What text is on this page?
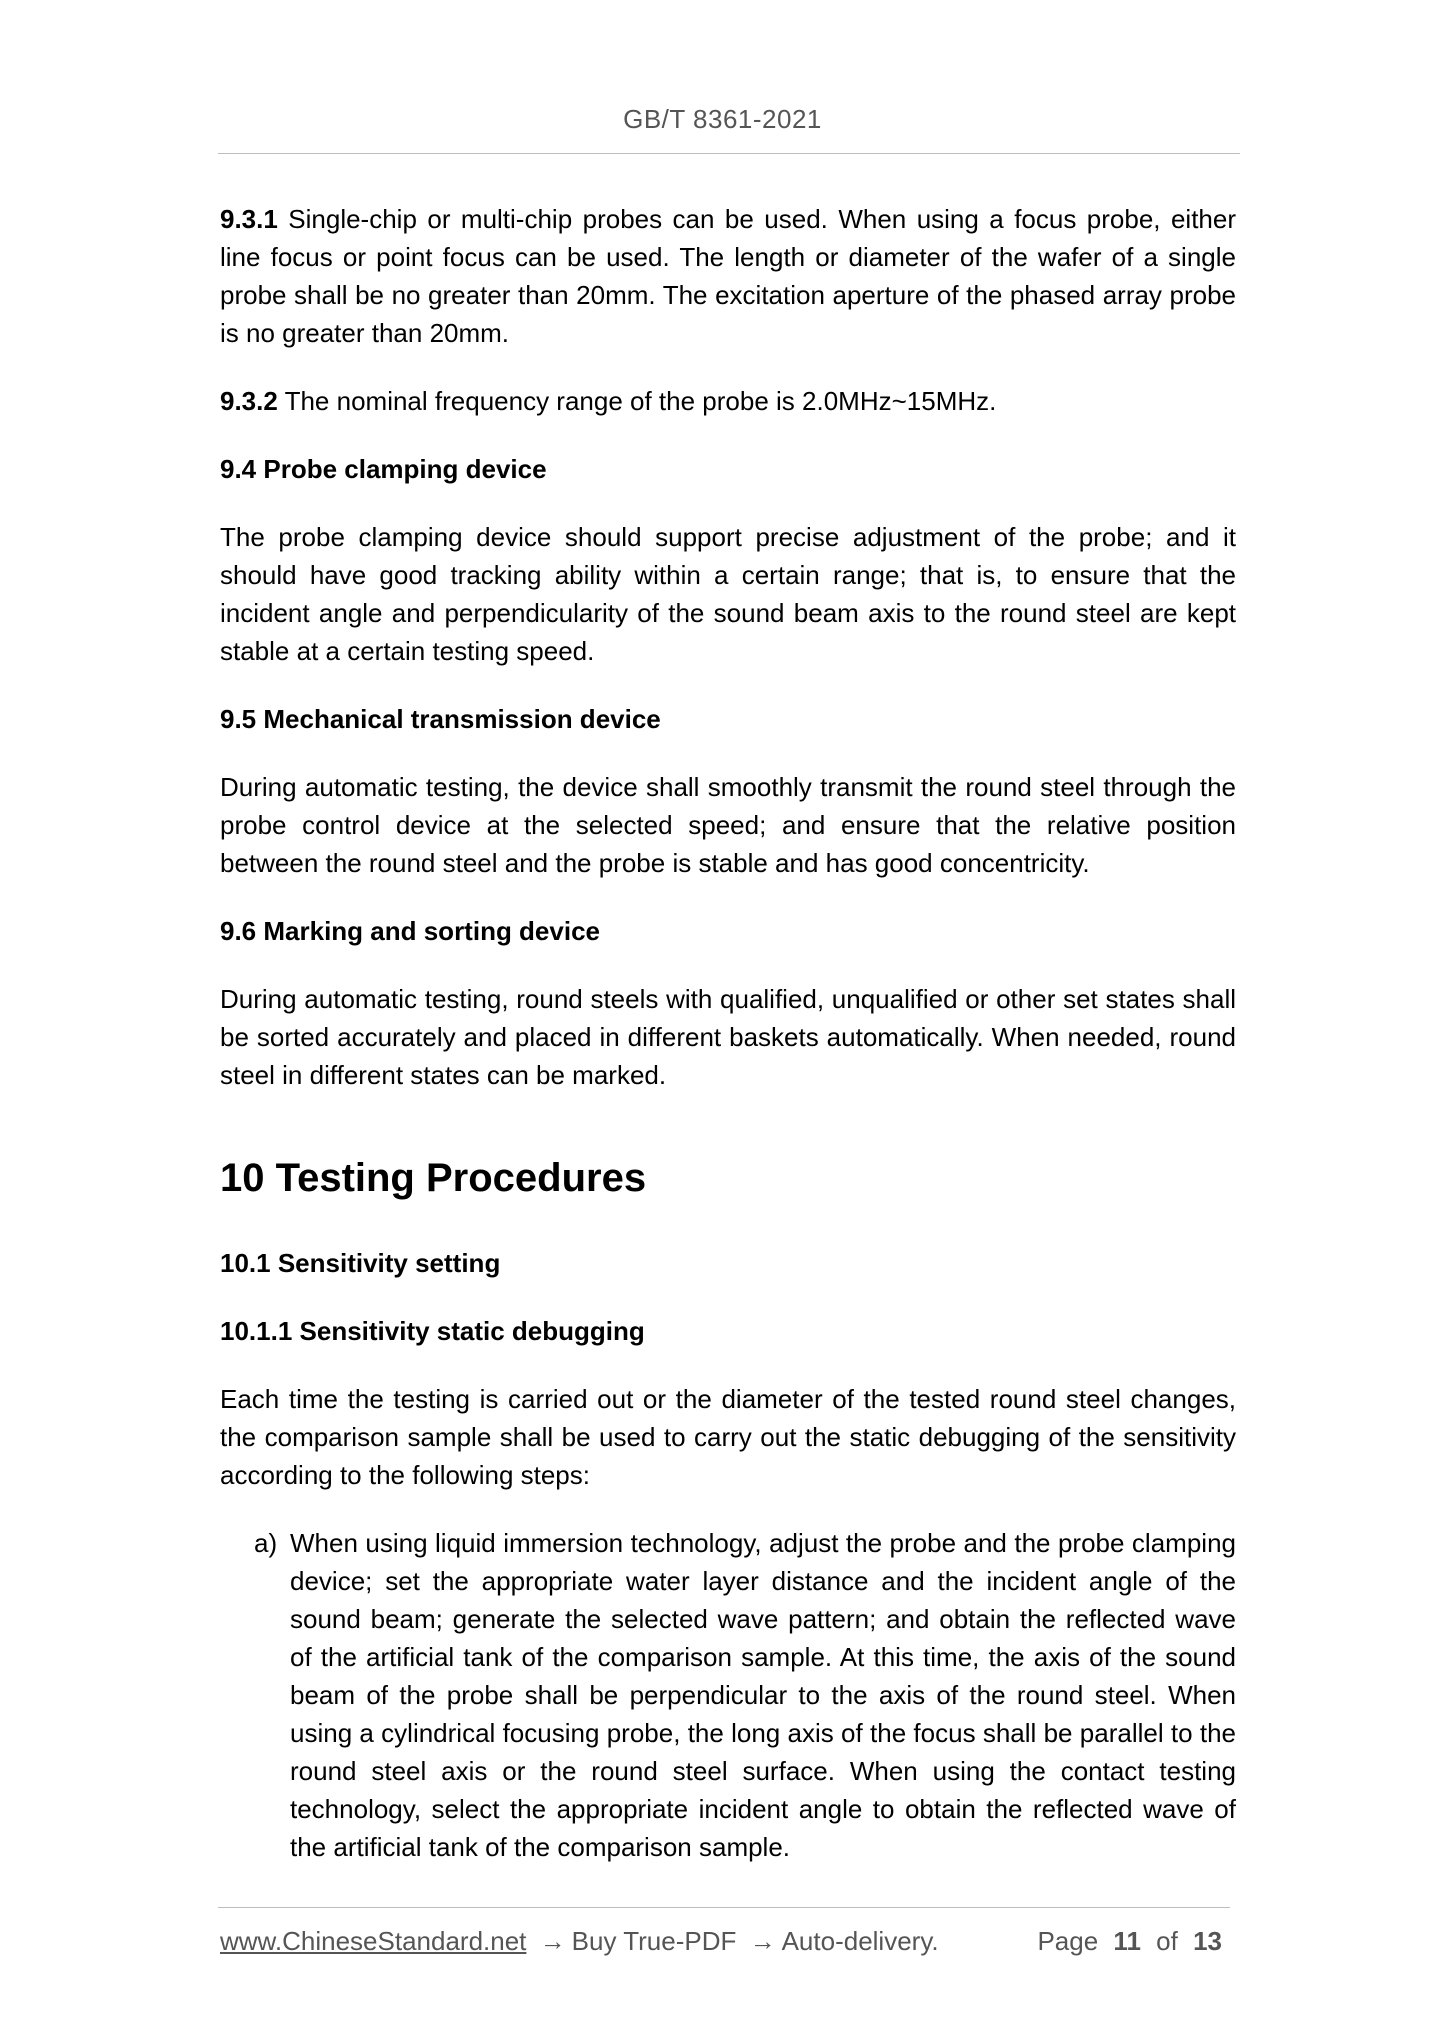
GB/T 8361-2021

9.3.1 Single-chip or multi-chip probes can be used. When using a focus probe, either line focus or point focus can be used. The length or diameter of the wafer of a single probe shall be no greater than 20mm. The excitation aperture of the phased array probe is no greater than 20mm.

9.3.2 The nominal frequency range of the probe is 2.0MHz~15MHz.

9.4 Probe clamping device

The probe clamping device should support precise adjustment of the probe; and it should have good tracking ability within a certain range; that is, to ensure that the incident angle and perpendicularity of the sound beam axis to the round steel are kept stable at a certain testing speed.

9.5 Mechanical transmission device

During automatic testing, the device shall smoothly transmit the round steel through the probe control device at the selected speed; and ensure that the relative position between the round steel and the probe is stable and has good concentricity.

9.6 Marking and sorting device

During automatic testing, round steels with qualified, unqualified or other set states shall be sorted accurately and placed in different baskets automatically. When needed, round steel in different states can be marked.

10 Testing Procedures
10.1 Sensitivity setting
10.1.1 Sensitivity static debugging

Each time the testing is carried out or the diameter of the tested round steel changes, the comparison sample shall be used to carry out the static debugging of the sensitivity according to the following steps:

a) When using liquid immersion technology, adjust the probe and the probe clamping device; set the appropriate water layer distance and the incident angle of the sound beam; generate the selected wave pattern; and obtain the reflected wave of the artificial tank of the comparison sample. At this time, the axis of the sound beam of the probe shall be perpendicular to the axis of the round steel. When using a cylindrical focusing probe, the long axis of the focus shall be parallel to the round steel axis or the round steel surface. When using the contact testing technology, select the appropriate incident angle to obtain the reflected wave of the artificial tank of the comparison sample.
www.ChineseStandard.net → Buy True-PDF → Auto-delivery.	Page 11 of 13
